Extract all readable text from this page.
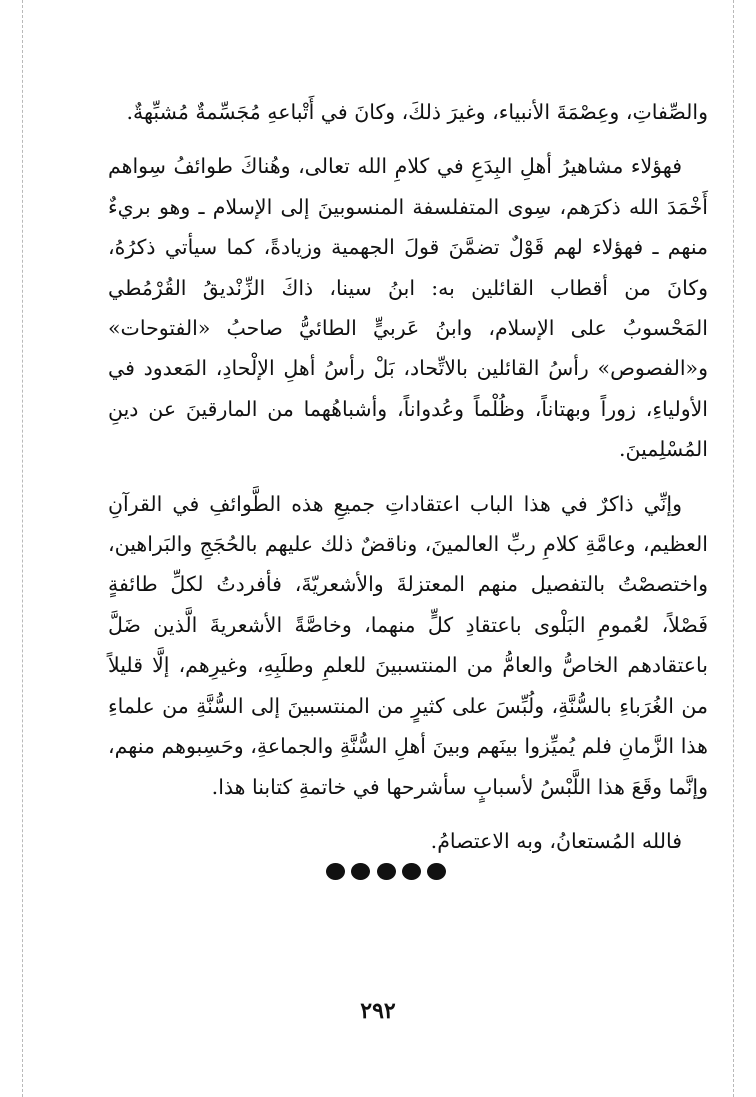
والصِّفاتِ، وعِصْمَةَ الأنبياء، وغيرَ ذلكَ، وكانَ في أَتْباعهِ مُجَسِّمةٌ مُشبِّهةٌ.

فهؤلاء مشاهيرُ أهلِ البِدَعِ في كلامِ الله تعالى، وهُناكَ طوائفُ سِواهم أَخْمَدَ الله ذكرَهم، سِوى المتفلسفة المنسوبينَ إلى الإسلام ـ وهو بريءٌ منهم ـ فهؤلاء لهم قَوْلٌ تضمَّنَ قولَ الجهمية وزيادةً، كما سيأتي ذكرُهُ، وكانَ من أقطاب القائلين به: ابنُ سينا، ذاكَ الزِّنْديقُ القُرْمُطي المَحْسوبُ على الإسلام، وابنُ عَربيٍّ الطائيُّ صاحبُ «الفتوحات» و«الفصوص» رأسُ القائلين بالاتِّحاد، بَلْ رأسُ أهلِ الإلْحادِ، المَعدود في الأولياءِ، زوراً وبهتاناً، وظُلْماً وعُدواناً، وأشباهُهما من المارقينَ عن دينِ المُسْلِمينَ.

وإنِّي ذاكرٌ في هذا الباب اعتقاداتِ جميعِ هذه الطَّوائفِ في القرآنِ العظيم، وعامَّةِ كلامِ ربِّ العالمينَ، وناقضٌ ذلك عليهم بالحُجَجِ والبَراهين، واختصصْتُ بالتفصيل منهم المعتزلةَ والأشعريّةَ، فأفردتُ لكلِّ طائفةٍ فَصْلاً، لعُمومِ البَلْوى باعتقادِ كلٍّ منهما، وخاصَّةً الأشعريةَ الَّذين ضَلَّ باعتقادهم الخاصُّ والعامُّ من المنتسبينَ للعلمِ وطلَبِهِ، وغيرِهم، إلَّا قليلاً من الغُرَباءِ بالسُّنَّةِ، ولُبِّسَ على كثيرٍ من المنتسبينَ إلى السُّنَّةِ من علماءِ هذا الزَّمانِ فلم يُميِّزوا بينَهم وبينَ أهلِ السُّنَّةِ والجماعةِ، وحَسِبوهم منهم، وإنَّما وقَعَ هذا اللَّبْسُ لأسبابٍ سأشرحها في خاتمةِ كتابنا هذا.

فالله المُستعانُ، وبه الاعتصامُ.

٢٩٢
